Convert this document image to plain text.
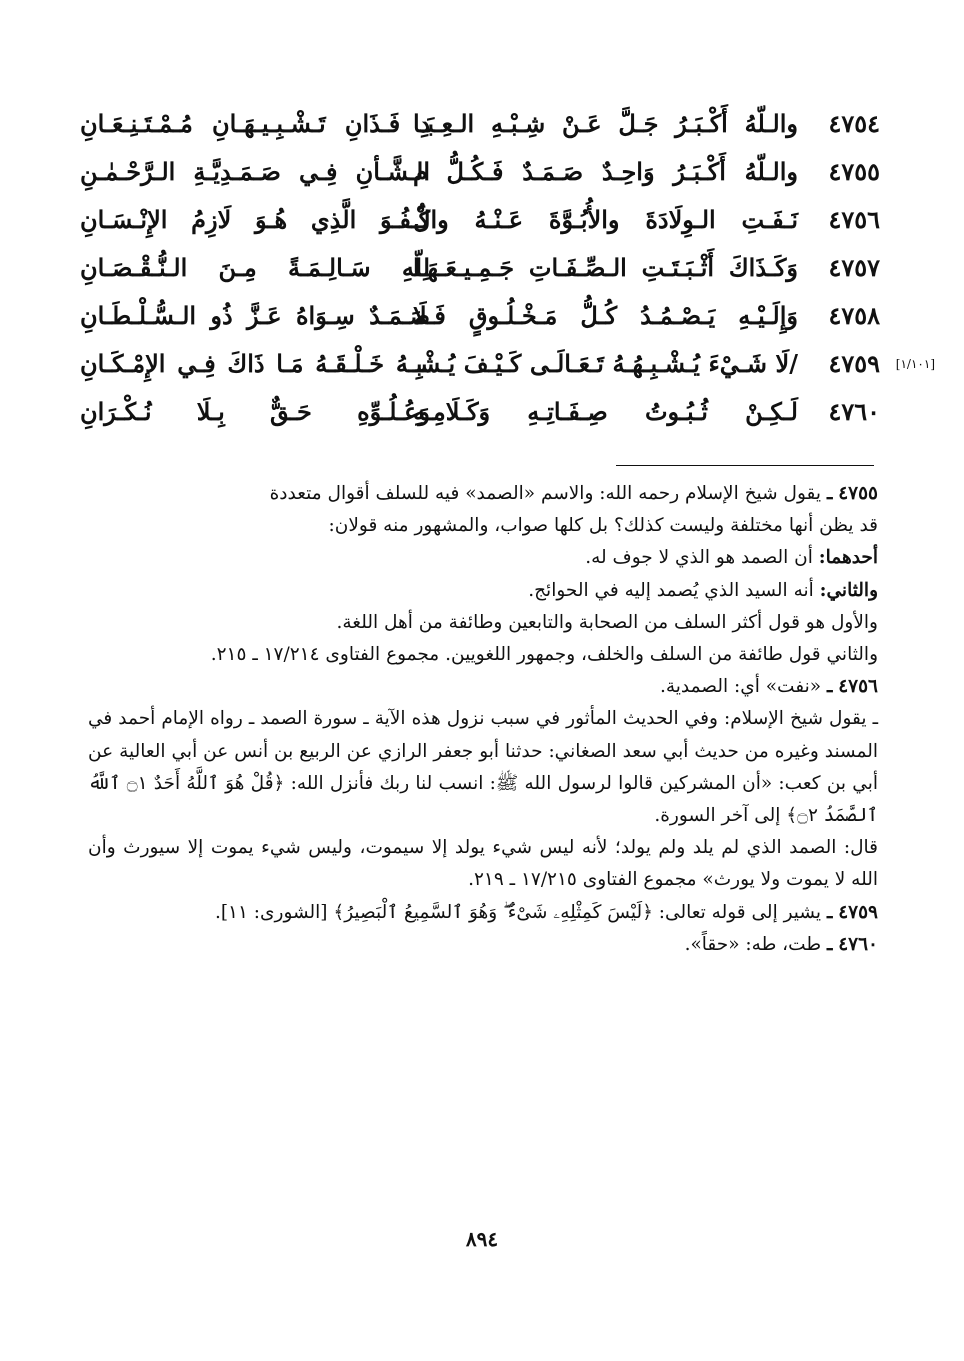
٤٧٥٤
والـلّهُ أَكْـبَـرُ جَـلَّ عَـنْ شِـبْـهِ الـعِـبَـا
دِ فَـذَانِ تَـشْـبِـيـهَـانِ مُـمْـتَـنِـعَـانِ
٤٧٥٥
والـلّهُ أَكْـبَـرُ وَاحِـدٌ صَـمَـدٌ فَـكُـلُّ م
الـشَّـأنِ فِـي صَـمَـدِيَّـةِ الـرَّحْـمٰـنِ
٤٧٥٦
نَـفَـتِ الـوِلَادَةَ والأُبُـوَّةَ عَـنْـهُ والْ
كُـفُـوَ الَّذِي هُـوَ لَازِمُ الإِنْـسَـانِ
٤٧٥٧
وَكَـذَاكَ أَثْـبَـتَـتِ الـصِّـفَـاتِ جَـمِـيـعَـهَـا
لِلّهِ سَـالِـمَـةً مِـنَ الـنُّـقْـصَـانِ
٤٧٥٨
وَإِلَـيْـهِ يَـصْـمُـدُ كُـلُّ مَـخْـلُـوقٍ فَـلَا
صَـمَـدٌ سِـوَاهُ عَـزَّ ذُو الـسُّـلْـطَـانِ
[١/١٠١]
٤٧٥٩
/لَا شَـيْءَ يُـشْـبِـهُـهُ تَـعَـالَـى كَـيْـفَ يُـشْـ
ـبِـهُ خَـلْـقَـهُ مَـا ذَاكَ فِـي الإِمْـكَـانِ
٤٧٦٠
لَـكِـنْ ثُـبُـوتُ صِـفَـاتِـهِ وَكَـلَامِـهِ
وَعُـلُـوِّهِ حَـقٌّ بِـلَا نُـكْـرَانِ
٤٧٥٥ ـ يقول شيخ الإسلام رحمه الله: والاسم «الصمد» فيه للسلف أقوال متعددة
قد يظن أنها مختلفة وليست كذلك؟ بل كلها صواب، والمشهور منه قولان:
أحدهما: أن الصمد هو الذي لا جوف له.
والثاني: أنه السيد الذي يُصمد إليه في الحوائج.
والأول هو قول أكثر السلف من الصحابة والتابعين وطائفة من أهل اللغة.
والثاني قول طائفة من السلف والخلف، وجمهور اللغويين. مجموع الفتاوى ١٧/٢١٤ ـ ٢١٥.
٤٧٥٦ ـ «نفت» أي: الصمدية.
ـ يقول شيخ الإسلام: وفي الحديث المأثور في سبب نزول هذه الآية ـ سورة الصمد ـ رواه الإمام أحمد في المسند وغيره من حديث أبي سعد الصغاني: حدثنا أبو جعفر الرازي عن الربيع بن أنس عن أبي العالية عن أبي بن كعب: «أن المشركين قالوا لرسول الله ﷺ: انسب لنا ربك فأنزل الله: ﴿قُلْ هُوَ ٱللَّهُ أَحَدٌ ۝١ ٱللَّهُ ٱلصَّمَدُ ۝٢﴾ إلى آخر السورة.
قال: الصمد الذي لم يلد ولم يولد؛ لأنه ليس شيء يولد إلا سيموت، وليس شيء يموت إلا سيورث وأن الله لا يموت ولا يورث» مجموع الفتاوى ١٧/٢١٥ ـ ٢١٩.
٤٧٥٩ ـ يشير إلى قوله تعالى: ﴿لَيْسَ كَمِثْلِهِۦ شَىْءٌ ۖ وَهُوَ ٱلسَّمِيعُ ٱلْبَصِيرُ﴾ [الشورى: ١١].
٤٧٦٠ ـ طت، طه: «حقاً».
٨٩٤
